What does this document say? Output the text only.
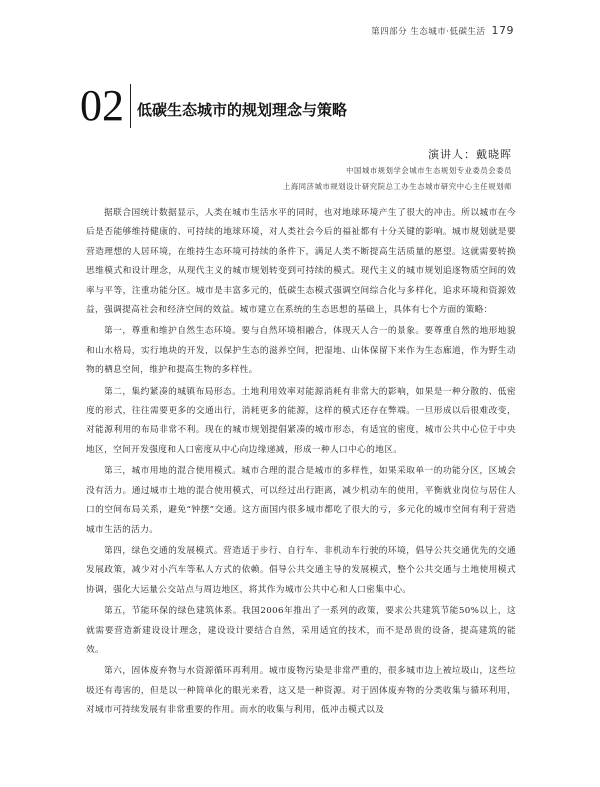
第四部分 生态城市·低碳生活 179
02 低碳生态城市的规划理念与策略
演讲人：戴晓晖
中国城市规划学会城市生态规划专业委员会委员
上海同济城市规划设计研究院总工办生态城市研究中心主任规划师

据联合国统计数据显示，人类在城市生活水平的同时，也对地球环境产生了很大的冲击。所以城市在今后是否能够维持健康的、可持续的地球环境，对人类社会今后的福祉都有十分关键的影响。城市规划就是要营造理想的人居环境，在维持生态环境可持续的条件下，满足人类不断提高生活质量的愿望。这就需要转换思维模式和设计理念，从现代主义的城市规划转变到可持续的模式。现代主义的城市规划追逐物质空间的效率与平等，注重功能分区。城市是丰富多元的，低碳生态模式强调空间综合化与多样化，追求环境和资源效益，强调提高社会和经济空间的效益。城市建立在系统的生态思想的基础上，具体有七个方面的策略：

第一，尊重和维护自然生态环境。要与自然环境相融合，体现天人合一的景象。要尊重自然的地形地貌和山水格局，实行地块的开发，以保护生态的滋养空间，把湿地、山体保留下来作为生态廊道，作为野生动物的栖息空间，维护和提高生物的多样性。

第二，集约紧凑的城镇布局形态。土地利用效率对能源消耗有非常大的影响，如果是一种分散的、低密度的形式，往往需要更多的交通出行，消耗更多的能源，这样的模式还存在弊端。一旦形成以后很难改变，对能源利用的布局非常不利。现在的城市规划提倡紧凑的城市形态，有适宜的密度，城市公共中心位于中央地区，空间开发强度和人口密度从中心向边缘递减，形成一种人口中心的地区。

第三，城市用地的混合使用模式。城市合理的混合是城市的多样性，如果采取单一的功能分区，区域会没有活力。通过城市土地的混合使用模式，可以经过出行距离，减少机动车的使用，平衡就业岗位与居住人口的空间布局关系，避免“钟摆”交通。这方面国内很多城市都吃了很大的亏，多元化的城市空间有利于营造城市生活的活力。

第四，绿色交通的发展模式。营造适于步行、自行车、非机动车行驶的环境，倡导公共交通优先的交通发展政策，减少对小汽车等私人方式的依赖。倡导公共交通主导的发展模式，整个公共交通与土地使用模式协调，强化大运量公交站点与周边地区，将其作为城市公共中心和人口密集中心。

第五，节能环保的绿色建筑体系。我国2006年推出了一系列的政策，要求公共建筑节能50%以上，这就需要营造新建设设计理念，建设设计要结合自然，采用适宜的技术，而不是昂贵的设备，提高建筑的能效。

第六，固体废弃物与水资源循环再利用。城市废物污染是非常严重的，很多城市边上被垃圾山，这些垃圾还有毒害的，但是以一种简单化的眼光来看，这又是一种资源。对于固体废弃物的分类收集与循环利用，对城市可持续发展有非常重要的作用。而水的收集与利用，低冲击模式以及
